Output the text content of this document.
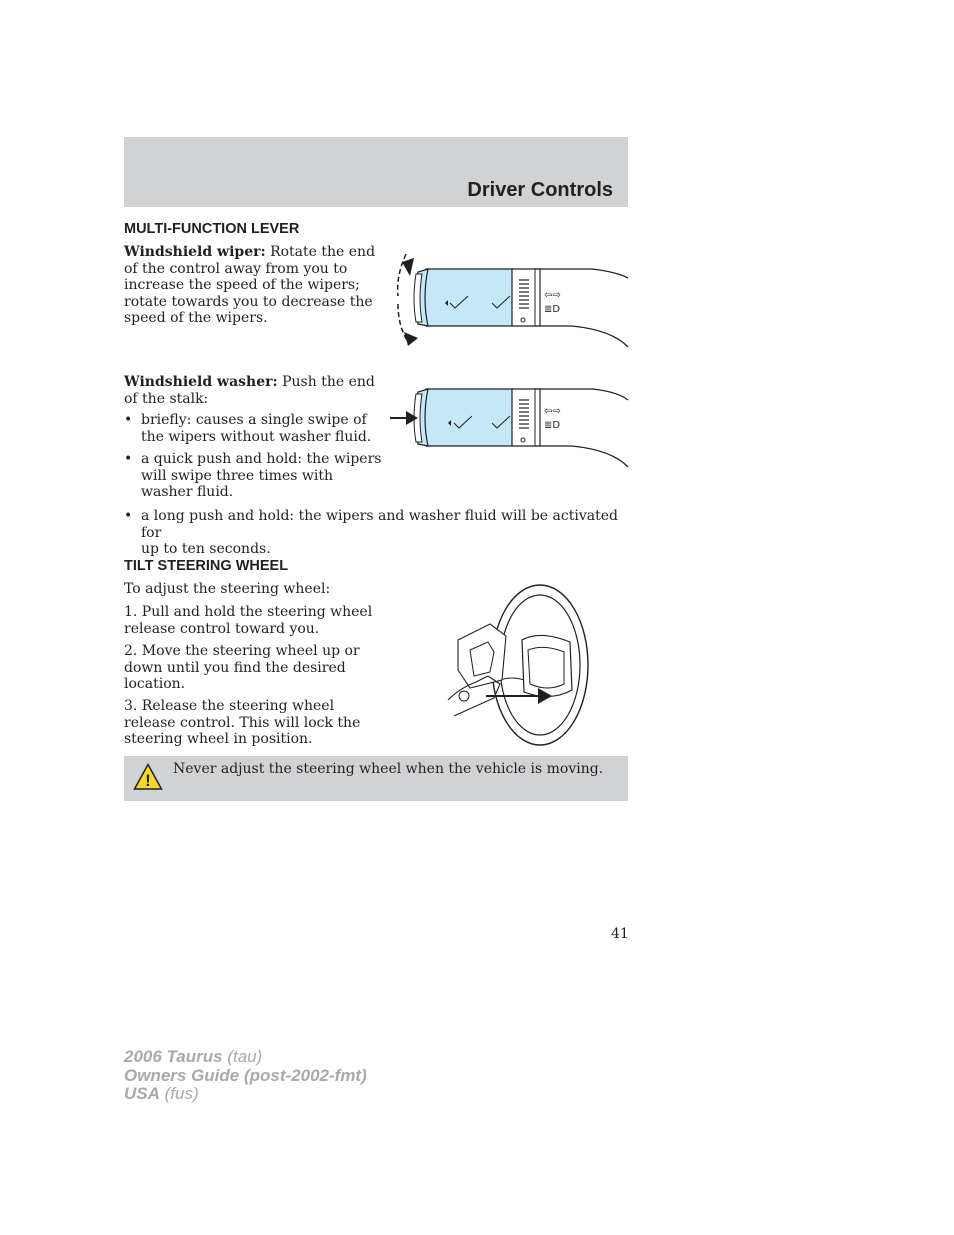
Driver Controls
MULTI-FUNCTION LEVER
Windshield wiper: Rotate the end
of the control away from you to
increase the speed of the wipers;
rotate towards you to decrease the
speed of the wipers.
⇦⇨
≣D
Windshield washer: Push the end
of the stalk:
⇦⇨
≣D
• briefly: causes a single swipe of
the wipers without washer fluid.
• a quick push and hold: the wipers
will swipe three times with
washer fluid.
• a long push and hold: the wipers and washer fluid will be activated for
up to ten seconds.
TILT STEERING WHEEL
To adjust the steering wheel:
1. Pull and hold the steering wheel
release control toward you.
2. Move the steering wheel up or
down until you find the desired
location.
3. Release the steering wheel
release control. This will lock the
steering wheel in position.
!
Never adjust the steering wheel when the vehicle is moving.
41
2006 Taurus (tau)
Owners Guide (post-2002-fmt)
USA (fus)
